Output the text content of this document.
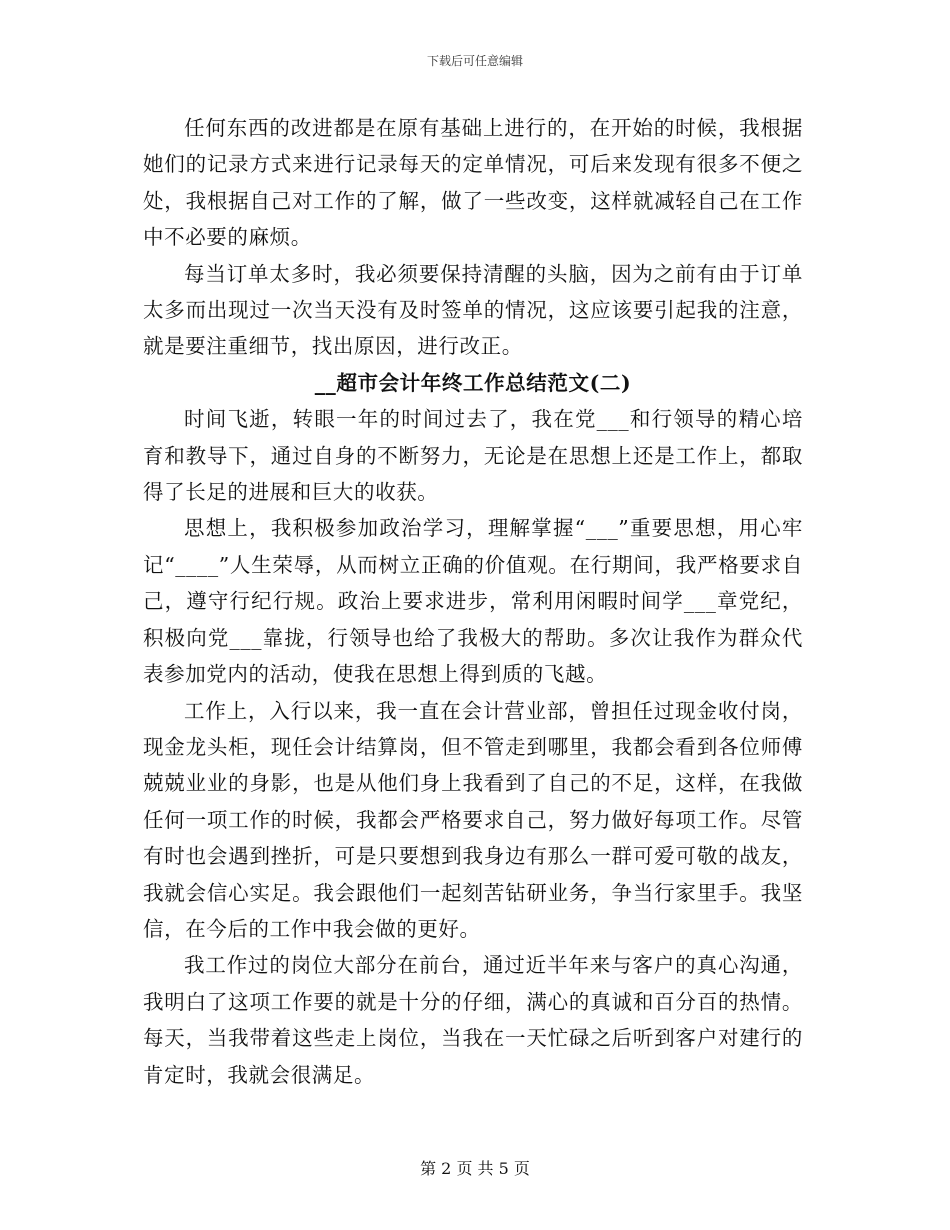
下载后可任意编辑

任何东西的改进都是在原有基础上进行的，在开始的时候，我根据她们的记录方式来进行记录每天的定单情况，可后来发现有很多不便之处，我根据自己对工作的了解，做了一些改变，这样就减轻自己在工作中不必要的麻烦。

每当订单太多时，我必须要保持清醒的头脑，因为之前有由于订单太多而出现过一次当天没有及时签单的情况，这应该要引起我的注意，就是要注重细节，找出原因，进行改正。

__超市会计年终工作总结范文(二)

时间飞逝，转眼一年的时间过去了，我在党___和行领导的精心培育和教导下，通过自身的不断努力，无论是在思想上还是工作上，都取得了长足的进展和巨大的收获。

思想上，我积极参加政治学习，理解掌握“___”重要思想，用心牢记“____”人生荣辱，从而树立正确的价值观。在行期间，我严格要求自己，遵守行纪行规。政治上要求进步，常利用闲暇时间学___章党纪，积极向党___靠拢，行领导也给了我极大的帮助。多次让我作为群众代表参加党内的活动，使我在思想上得到质的飞越。

工作上，入行以来，我一直在会计营业部，曾担任过现金收付岗，现金龙头柜，现任会计结算岗，但不管走到哪里，我都会看到各位师傅兢兢业业的身影，也是从他们身上我看到了自己的不足，这样，在我做任何一项工作的时候，我都会严格要求自己，努力做好每项工作。尽管有时也会遇到挫折，可是只要想到我身边有那么一群可爱可敬的战友，我就会信心实足。我会跟他们一起刻苦钻研业务，争当行家里手。我坚信，在今后的工作中我会做的更好。

我工作过的岗位大部分在前台，通过近半年来与客户的真心沟通，我明白了这项工作要的就是十分的仔细，满心的真诚和百分百的热情。每天，当我带着这些走上岗位，当我在一天忙碌之后听到客户对建行的肯定时，我就会很满足。

第 2 页 共 5 页
